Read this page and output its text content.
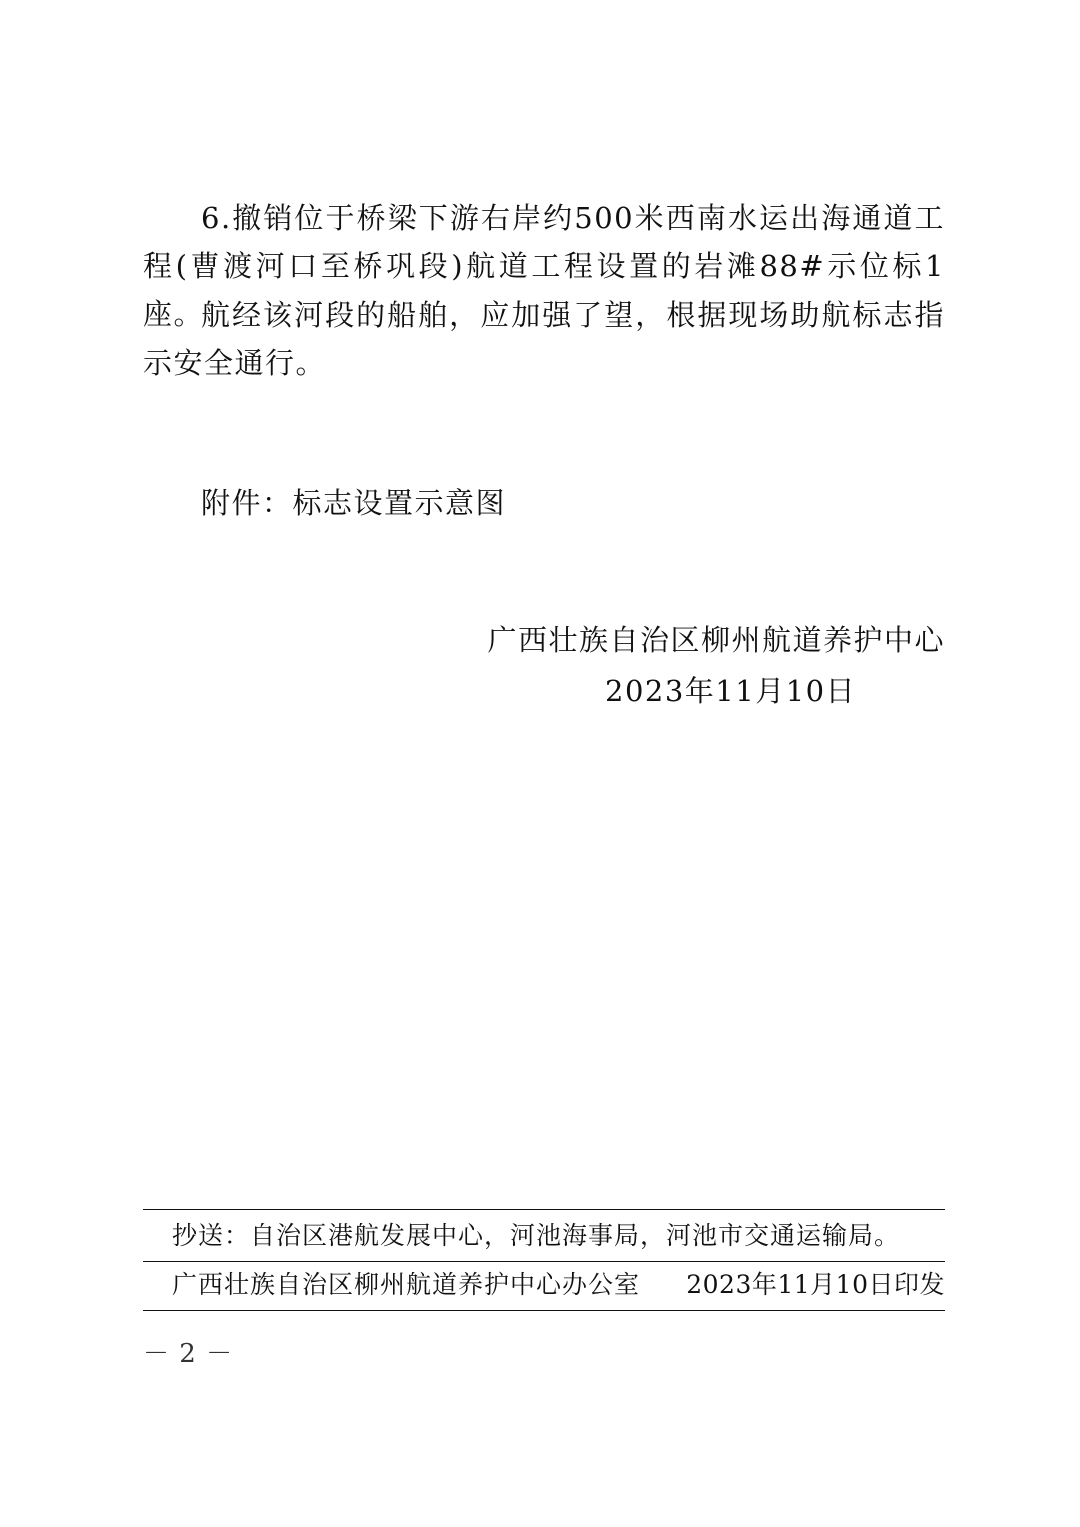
6.撤销位于桥梁下游右岸约500米西南水运出海通道工程(曹渡河口至桥巩段)航道工程设置的岩滩88#示位标1座。

航经该河段的船舶，应加强了望，根据现场助航标志指示安全通行。

附件：标志设置示意图

广西壮族自治区柳州航道养护中心

2023年11月10日

抄送：自治区港航发展中心，河池海事局，河池市交通运输局。

广西壮族自治区柳州航道养护中心办公室 2023年11月10日印发

－ 2 －
